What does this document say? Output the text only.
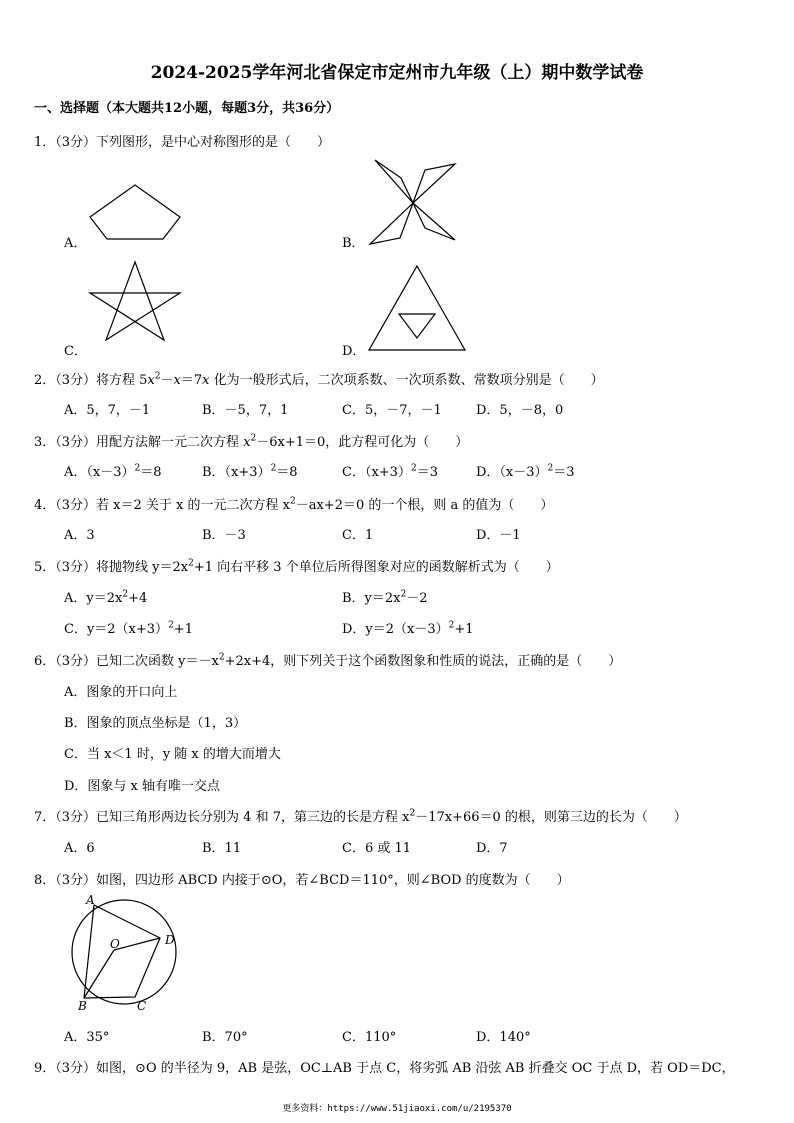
2024-2025学年河北省保定市定州市九年级（上）期中数学试卷
一、选择题（本大题共12小题，每题3分，共36分）
1．（3分）下列图形，是中心对称图形的是（　　）
A．	B．
C．	D．
2．（3分）将方程 $5x^2-x=7x$ 化为一般形式后，二次项系数、一次项系数、常数项分别是（　　）
A．5，7，－1	B．－5，7，1	C．5，－7，－1	D．5，－8，0
3．（3分）用配方法解一元二次方程 $x^2-6x+1=0$，此方程可化为（　　）
A．$(x-3)^2=8$	B．$(x+3)^2=8$	C．$(x+3)^2=3$	D．$(x-3)^2=3$
4．（3分）若 x＝2 关于 x 的一元二次方程 $x^2-ax+2=0$ 的一个根，则 a 的值为（　　）
A．3	B．－3	C．1	D．－1
5．（3分）将抛物线 $y=2x^2+1$ 向右平移 3 个单位后所得图象对应的函数解析式为（　　）
A．$y=2x^2+4$	B．$y=2x^2-2$
C．$y=2(x+3)^2+1$	D．$y=2(x-3)^2+1$
6．（3分）已知二次函数 $y=-x^2+2x+4$，则下列关于这个函数图象和性质的说法，正确的是（　　）
A．图象的开口向上
B．图象的顶点坐标是（1，3）
C．当 x＜1 时，y 随 x 的增大而增大
D．图象与 x 轴有唯一交点
7．（3分）已知三角形两边长分别为 4 和 7，第三边的长是方程 $x^2-17x+66=0$ 的根，则第三边的长为（　　）
A．6	B．11	C．6 或 11	D．7
8．（3分）如图，四边形 ABCD 内接于⊙O，若∠BCD＝110°，则∠BOD 的度数为（　　）
A
B	C
D
O
A．35°	B．70°	C．110°	D．140°
9．（3分）如图，⊙O 的半径为 9，AB 是弦，OC⊥AB 于点 C，将劣弧 AB 沿弦 AB 折叠交 OC 于点 D，若 OD＝DC，
更多资料：https://www.51jiaoxi.com/u/2195370
